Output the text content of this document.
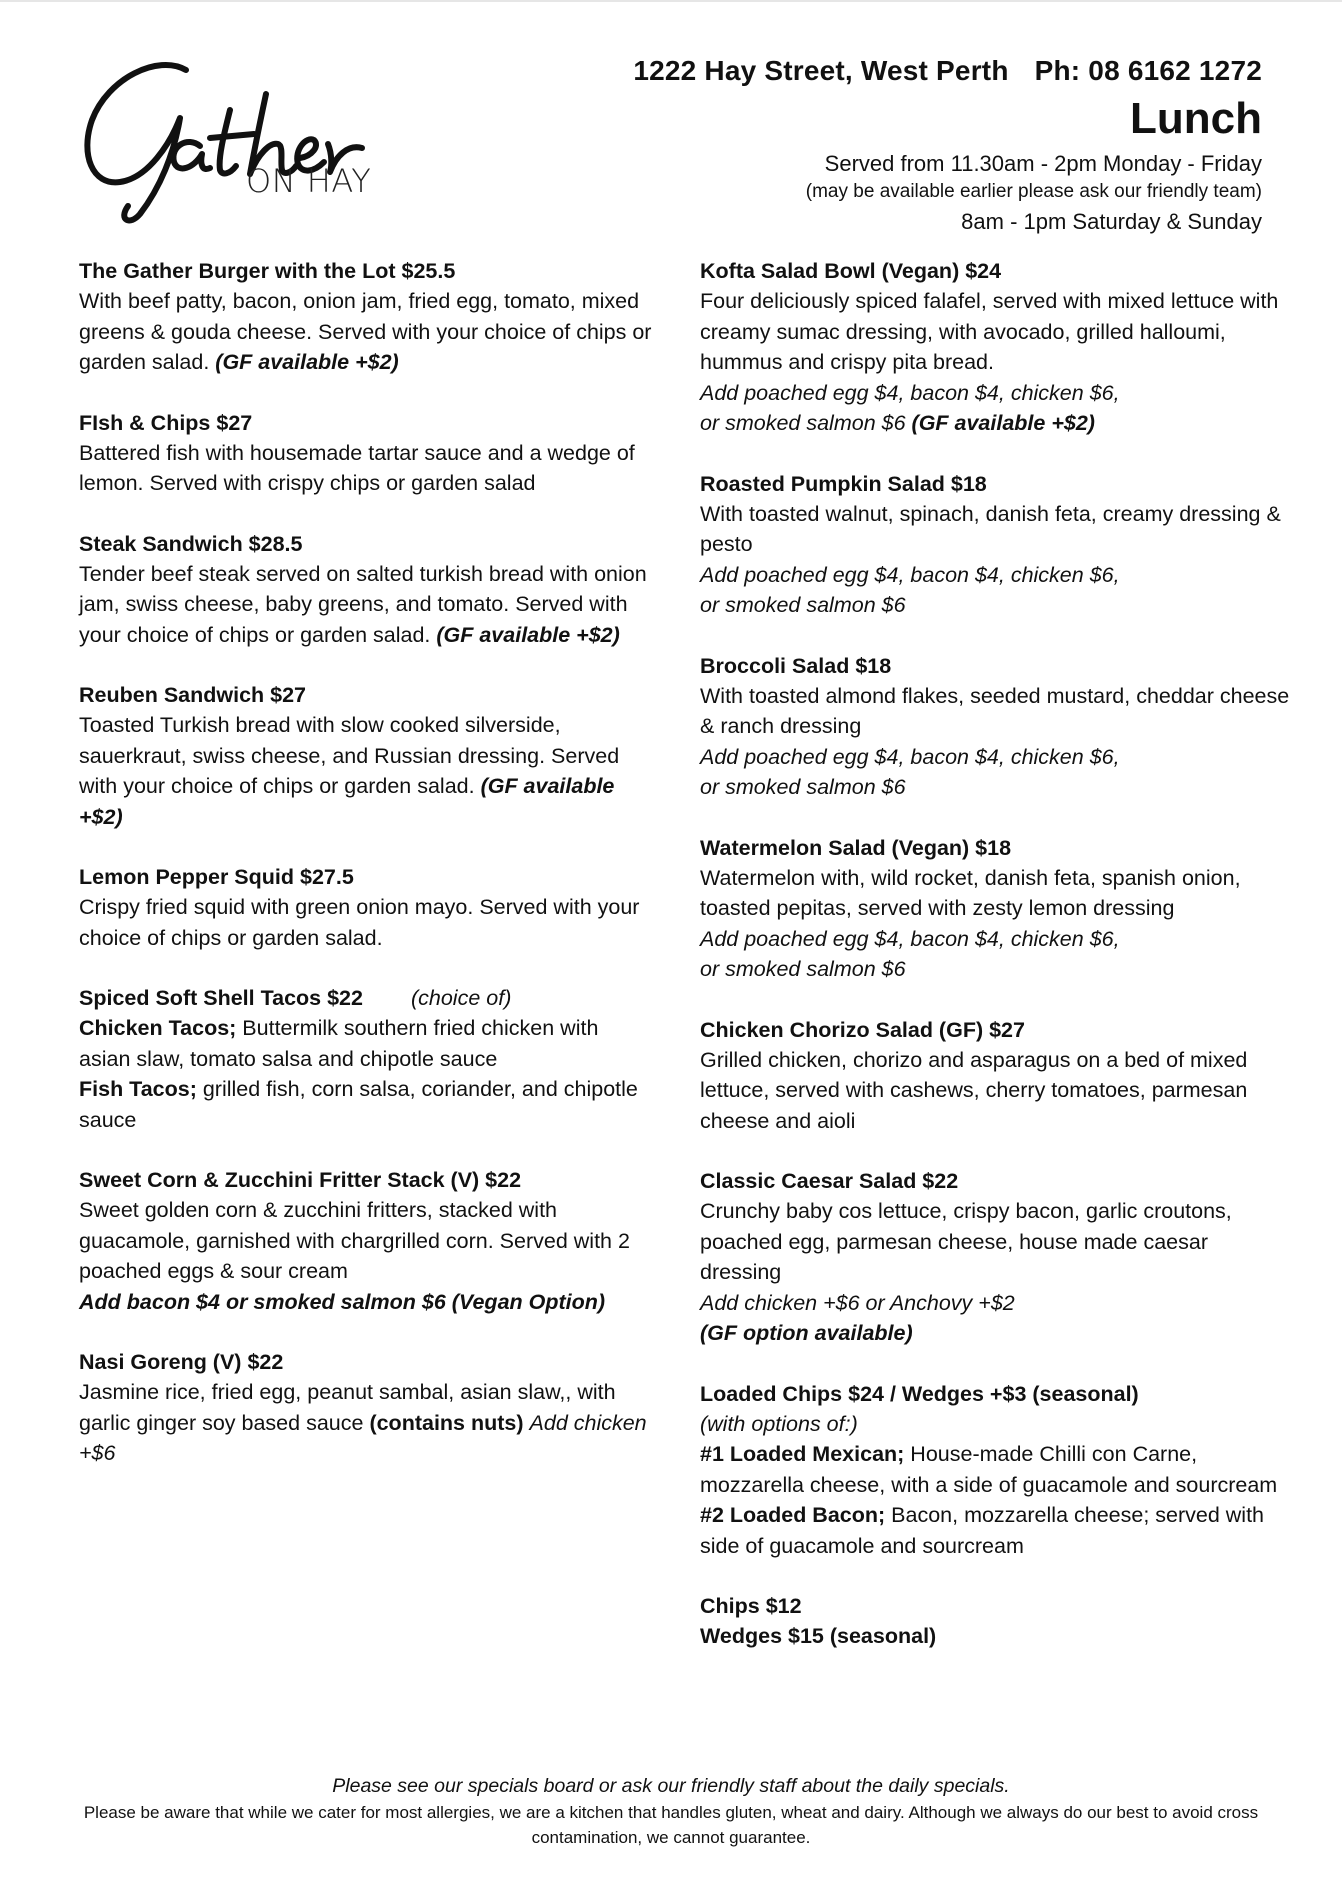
ON HAY
1222 Hay Street, West Perth Ph: 08 6162 1272
Lunch
Served from 11.30am - 2pm Monday - Friday
(may be available earlier please ask our friendly team)
8am - 1pm Saturday & Sunday
The Gather Burger with the Lot $25.5
With beef patty, bacon, onion jam, fried egg, tomato, mixed greens & gouda cheese. Served with your choice of chips or garden salad. (GF available +$2)
FIsh & Chips $27
Battered fish with housemade tartar sauce and a wedge of lemon. Served with crispy chips or garden salad
Steak Sandwich $28.5
Tender beef steak served on salted turkish bread with onion jam, swiss cheese, baby greens, and tomato. Served with your choice of chips or garden salad. (GF available +$2)
Reuben Sandwich $27
Toasted Turkish bread with slow cooked silverside, sauerkraut, swiss cheese, and Russian dressing. Served with your choice of chips or garden salad. (GF available +$2)
Lemon Pepper Squid $27.5
Crispy fried squid with green onion mayo. Served with your choice of chips or garden salad.
Spiced Soft Shell Tacos $22 (choice of)
Chicken Tacos; Buttermilk southern fried chicken with asian slaw, tomato salsa and chipotle sauce
Fish Tacos; grilled fish, corn salsa, coriander, and chipotle sauce
Sweet Corn & Zucchini Fritter Stack (V) $22
Sweet golden corn & zucchini fritters, stacked with guacamole, garnished with chargrilled corn. Served with 2 poached eggs & sour cream
Add bacon $4 or smoked salmon $6 (Vegan Option)
Nasi Goreng (V) $22
Jasmine rice, fried egg, peanut sambal, asian slaw,, with garlic ginger soy based sauce (contains nuts) Add chicken +$6
Kofta Salad Bowl (Vegan) $24
Four deliciously spiced falafel, served with mixed lettuce with creamy sumac dressing, with avocado, grilled halloumi, hummus and crispy pita bread.
Add poached egg $4, bacon $4, chicken $6,
or smoked salmon $6 (GF available +$2)
Roasted Pumpkin Salad $18
With toasted walnut, spinach, danish feta, creamy dressing & pesto
Add poached egg $4, bacon $4, chicken $6,
or smoked salmon $6
Broccoli Salad $18
With toasted almond flakes, seeded mustard, cheddar cheese & ranch dressing
Add poached egg $4, bacon $4, chicken $6,
or smoked salmon $6
Watermelon Salad (Vegan) $18
Watermelon with, wild rocket, danish feta, spanish onion, toasted pepitas, served with zesty lemon dressing
Add poached egg $4, bacon $4, chicken $6,
or smoked salmon $6
Chicken Chorizo Salad (GF) $27
Grilled chicken, chorizo and asparagus on a bed of mixed lettuce, served with cashews, cherry tomatoes, parmesan cheese and aioli
Classic Caesar Salad $22
Crunchy baby cos lettuce, crispy bacon, garlic croutons, poached egg, parmesan cheese, house made caesar dressing
Add chicken +$6 or Anchovy +$2
(GF option available)
Loaded Chips $24 / Wedges +$3 (seasonal)
(with options of:)
#1 Loaded Mexican; House-made Chilli con Carne, mozzarella cheese, with a side of guacamole and sourcream
#2 Loaded Bacon; Bacon, mozzarella cheese; served with side of guacamole and sourcream
Chips $12
Wedges $15 (seasonal)
Please see our specials board or ask our friendly staff about the daily specials.
Please be aware that while we cater for most allergies, we are a kitchen that handles gluten, wheat and dairy. Although we always do our best to avoid cross contamination, we cannot guarantee.
